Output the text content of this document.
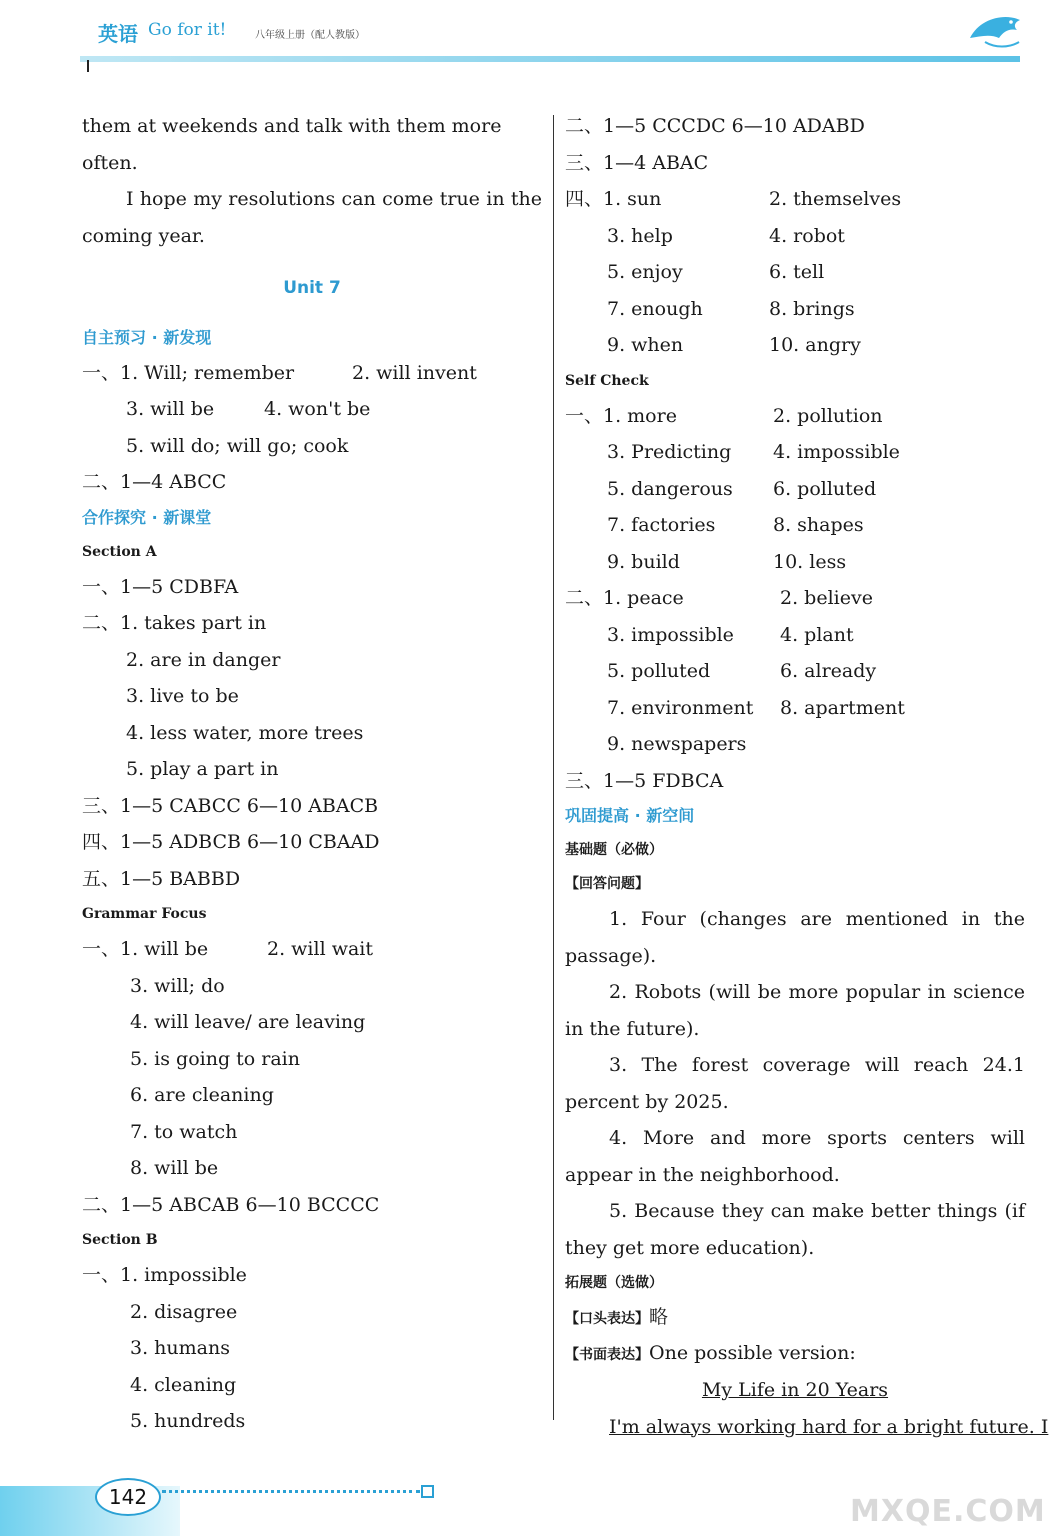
英语 Go for it!	八年级上册（配人教版）

them at weekends and talk with them more often.

I hope my resolutions can come true in the coming year.

Unit 7
自主预习 · 新发现
一、1. Will; remember	2. will invent
3. will be	4. won't be
5. will do; will go; cook
二、1—4 ABCC
合作探究 · 新课堂
Section A
一、1—5 CDBFA
二、1. takes part in
2. are in danger
3. live to be
4. less water, more trees
5. play a part in
三、1—5 CABCC 6—10 ABACB
四、1—5 ADBCB 6—10 CBAAD
五、1—5 BABBD
Grammar Focus
一、1. will be	2. will wait
3. will; do
4. will leave/ are leaving
5. is going to rain
6. are cleaning
7. to watch
8. will be
二、1—5 ABCAB 6—10 BCCCC
Section B
一、1. impossible
2. disagree
3. humans
4. cleaning
5. hundreds
二、1—5 CCCDC 6—10 ADABD
三、1—4 ABAC
四、1. sun	2. themselves
3. help	4. robot
5. enjoy	6. tell
7. enough	8. brings
9. when	10. angry
Self Check
一、1. more	2. pollution
3. Predicting 4. impossible
5. dangerous 6. polluted
7. factories	8. shapes
9. build	10. less
二、1. peace	2. believe
3. impossible 4. plant
5. polluted	6. already
7. environment 8. apartment
9. newspapers
三、1—5 FDBCA
巩固提高 · 新空间
基础题（必做）
【回答问题】

1. Four (changes are mentioned in the passage).

2. Robots (will be more popular in science in the future).

3. The forest coverage will reach 24.1 percent by 2025.

4. More and more sports centers will appear in the neighborhood.

5. Because they can make better things (if they get more education).

拓展题（选做）
【口头表达】略
【书面表达】One possible version:
My Life in 20 Years
I'm always working hard for a bright future. I
142	MXQE.COM
